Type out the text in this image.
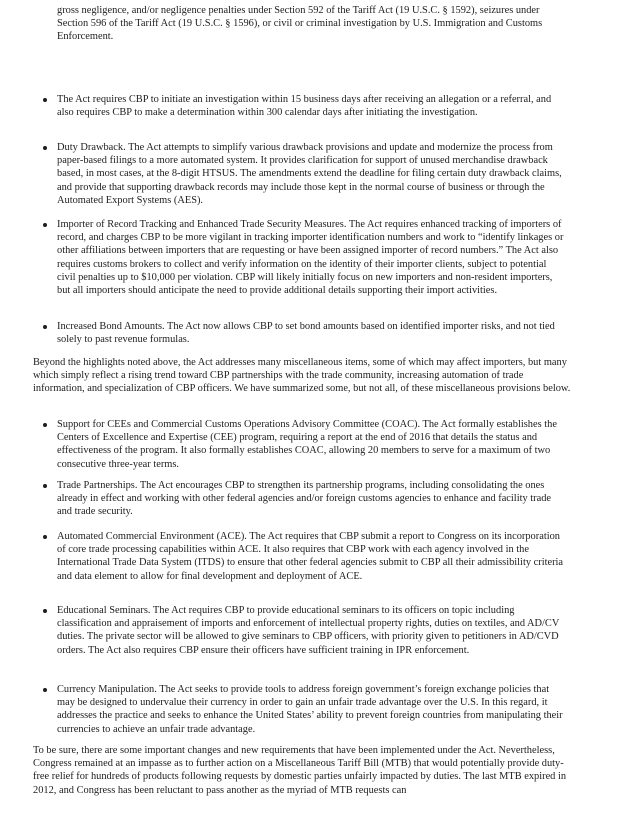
gross negligence, and/or negligence penalties under Section 592 of the Tariff Act (19 U.S.C. § 1592), seizures under Section 596 of the Tariff Act (19 U.S.C. § 1596), or civil or criminal investigation by U.S. Immigration and Customs Enforcement.

The Act requires CBP to initiate an investigation within 15 business days after receiving an allegation or a referral, and also requires CBP to make a determination within 300 calendar days after initiating the investigation.
Duty Drawback. The Act attempts to simplify various drawback provisions and update and modernize the process from paper-based filings to a more automated system. It provides clarification for support of unused merchandise drawback based, in most cases, at the 8-digit HTSUS. The amendments extend the deadline for filing certain duty drawback claims, and provide that supporting drawback records may include those kept in the normal course of business or through the Automated Export Systems (AES).
Importer of Record Tracking and Enhanced Trade Security Measures. The Act requires enhanced tracking of importers of record, and charges CBP to be more vigilant in tracking importer identification numbers and work to “identify linkages or other affiliations between importers that are requesting or have been assigned importer of record numbers.” The Act also requires customs brokers to collect and verify information on the identity of their importer clients, subject to potential civil penalties up to $10,000 per violation. CBP will likely initially focus on new importers and non-resident importers, but all importers should anticipate the need to provide additional details supporting their import activities.
Increased Bond Amounts. The Act now allows CBP to set bond amounts based on identified importer risks, and not tied solely to past revenue formulas.

Beyond the highlights noted above, the Act addresses many miscellaneous items, some of which may affect importers, but many which simply reflect a rising trend toward CBP partnerships with the trade community, increasing automation of trade information, and specialization of CBP officers. We have summarized some, but not all, of these miscellaneous provisions below.

Support for CEEs and Commercial Customs Operations Advisory Committee (COAC). The Act formally establishes the Centers of Excellence and Expertise (CEE) program, requiring a report at the end of 2016 that details the status and effectiveness of the program. It also formally establishes COAC, allowing 20 members to serve for a maximum of two consecutive three-year terms.
Trade Partnerships. The Act encourages CBP to strengthen its partnership programs, including consolidating the ones already in effect and working with other federal agencies and/or foreign customs agencies to enhance and facility trade and trade security.
Automated Commercial Environment (ACE). The Act requires that CBP submit a report to Congress on its incorporation of core trade processing capabilities within ACE. It also requires that CBP work with each agency involved in the International Trade Data System (ITDS) to ensure that other federal agencies submit to CBP all their admissibility criteria and data element to allow for final development and deployment of ACE.
Educational Seminars. The Act requires CBP to provide educational seminars to its officers on topic including classification and appraisement of imports and enforcement of intellectual property rights, duties on textiles, and AD/CV duties. The private sector will be allowed to give seminars to CBP officers, with priority given to petitioners in AD/CVD orders. The Act also requires CBP ensure their officers have sufficient training in IPR enforcement.
Currency Manipulation. The Act seeks to provide tools to address foreign government’s foreign exchange policies that may be designed to undervalue their currency in order to gain an unfair trade advantage over the U.S. In this regard, it addresses the practice and seeks to enhance the United States’ ability to prevent foreign countries from manipulating their currencies to achieve an unfair trade advantage.

To be sure, there are some important changes and new requirements that have been implemented under the Act. Nevertheless, Congress remained at an impasse as to further action on a Miscellaneous Tariff Bill (MTB) that would potentially provide duty-free relief for hundreds of products following requests by domestic parties unfairly impacted by duties. The last MTB expired in 2012, and Congress has been reluctant to pass another as the myriad of MTB requests can
